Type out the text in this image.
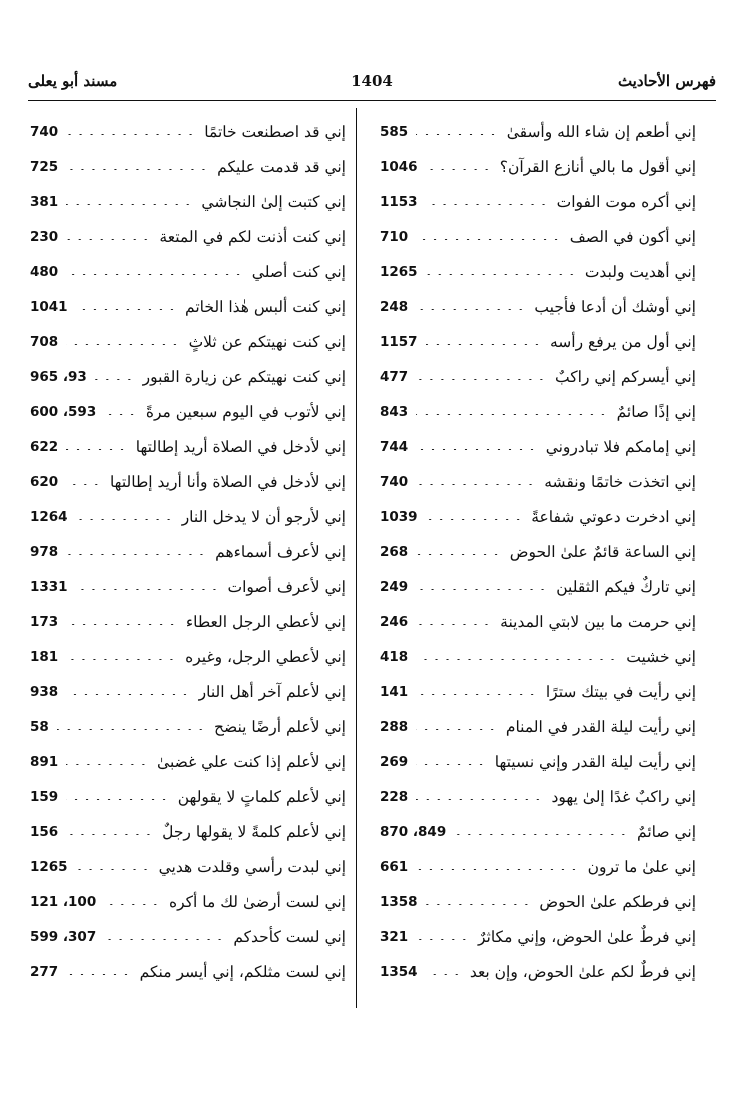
فهرس الأحاديث
1404
مسند أبو يعلى
إني أطعم إن شاء الله وأسقىٰ
585
إني أقول ما بالي أنازع القرآن؟
1046
إني أكره موت الفوات
1153
إني أكون في الصف
710
إني أهديت ولبدت
1265
إني أوشك أن أدعا فأجيب
248
إني أول من يرفع رأسه
1157
إني أيسركم إني راكبٌ
477
إني إذًا صائمٌ
843
إني إمامكم فلا تبادروني
744
إني اتخذت خاتمًا ونقشه
740
إني ادخرت دعوتي شفاعةً
1039
إني الساعة قائمٌ علىٰ الحوض
268
إني تاركٌ فيكم الثقلين
249
إني حرمت ما بين لابتي المدينة
246
إني خشيت
418
إني رأيت في بيتك سترًا
141
إني رأيت ليلة القدر في المنام
288
إني رأيت ليلة القدر وإني نسيتها
269
إني راكبٌ غدًا إلىٰ يهود
228
إني صائمٌ
849، 870
إني علىٰ ما ترون
661
إني فرطكم علىٰ الحوض
1358
إني فرطٌ علىٰ الحوض، وإني مكاثرٌ
321
إني فرطٌ لكم علىٰ الحوض، وإن بعد
1354
إني قد اصطنعت خاتمًا
740
إني قد قدمت عليكم
725
إني كتبت إلىٰ النجاشي
381
إني كنت أذنت لكم في المتعة
230
إني كنت أصلي
480
إني كنت ألبس هٰذا الخاتم
1041
إني كنت نهيتكم عن ثلاثٍ
708
إني كنت نهيتكم عن زيارة القبور
93، 965
إني لأتوب في اليوم سبعين مرةً
593، 600
إني لأدخل في الصلاة أريد إطالتها
622
إني لأدخل في الصلاة وأنا أريد إطالتها
620
إني لأرجو أن لا يدخل النار
1264
إني لأعرف أسماءهم
978
إني لأعرف أصوات
1331
إني لأعطي الرجل العطاء
173
إني لأعطي الرجل، وغيره
181
إني لأعلم آخر أهل النار
938
إني لأعلم أرضًا ينضح
58
إني لأعلم إذا كنت علي غضبىٰ
891
إني لأعلم كلماتٍ لا يقولهن
159
إني لأعلم كلمةً لا يقولها رجلٌ
156
إني لبدت رأسي وقلدت هديي
1265
إني لست أرضىٰ لك ما أكره
100، 121
إني لست كأحدكم
307، 599
إني لست مثلكم، إني أيسر منكم
277
